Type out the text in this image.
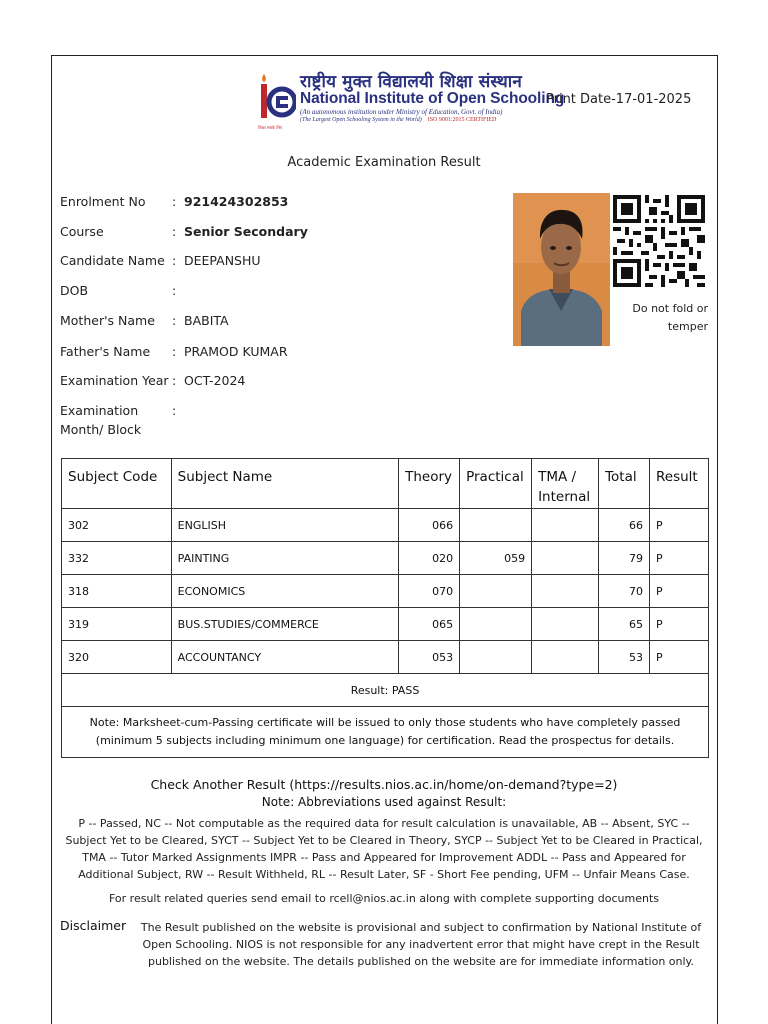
राष्ट्रीय मुक्त विद्यालयी शिक्षा संस्थान
National Institute of Open Schooling
(An autonomous institution under Ministry of Education, Govt. of India)
(The Largest Open Schooling System in the World) ISO 9001:2015 CERTIFIED
शिक्षा सबके लिए
Print Date-17-01-2025
Academic Examination Result
Enrolment No	: 921424302853
Course	: Senior Secondary
Candidate Name : DEEPANSHU
DOB	:
Mother's Name	: BABITA
Father's Name	: PRAMOD KUMAR
Examination Year : OCT-2024
Examination	:
Month/ Block
Do not fold or
temper
Subject Code	Subject Name	Theory	Practical	TMA /
Internal	Total	Result
302	ENGLISH	066			66	P
332	PAINTING	020	059		79	P
318	ECONOMICS	070			70	P
319	BUS.STUDIES/COMMERCE	065			65	P
320	ACCOUNTANCY	053			53	P
Result: PASS						

Note: Marksheet-cum-Passing certificate will be issued to only those students who have completely passed
(minimum 5 subjects including minimum one language) for certification. Read the prospectus for details.						
Check Another Result (https://results.nios.ac.in/home/on-demand?type=2)
Note: Abbreviations used against Result:
P -- Passed, NC -- Not computable as the required data for result calculation is unavailable, AB -- Absent, SYC -- Subject Yet to be Cleared, SYCT -- Subject Yet to be Cleared in Theory, SYCP -- Subject Yet to be Cleared in Practical, TMA -- Tutor Marked Assignments IMPR -- Pass and Appeared for Improvement ADDL -- Pass and Appeared for Additional Subject, RW -- Result Withheld, RL -- Result Later, SF - Short Fee pending, UFM -- Unfair Means Case.
For result related queries send email to rcell@nios.ac.in along with complete supporting documents
Disclaimer	The Result published on the website is provisional and subject to confirmation by National Institute of Open Schooling. NIOS is not responsible for any inadvertent error that might have crept in the Result published on the website. The details published on the website are for immediate information only.
